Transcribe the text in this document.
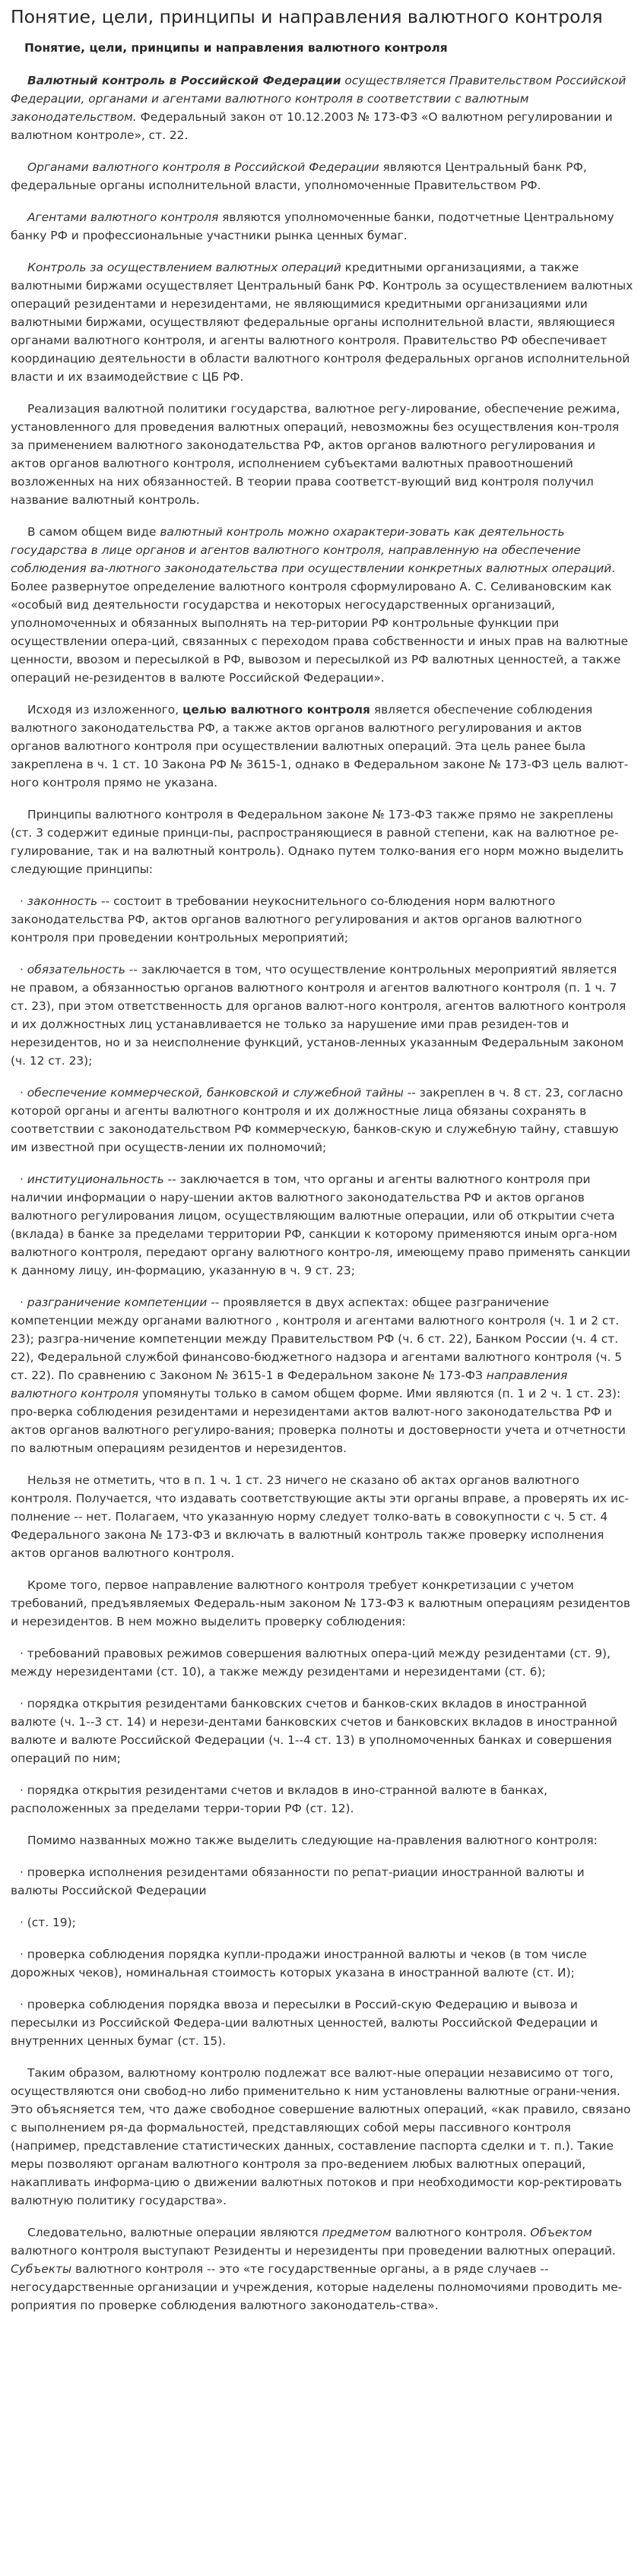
Понятие, цели, принципы и направления валютного контроля
Понятие, цели, принципы и направления валютного контроля

Валютный контроль в Российской Федерации осуществляется Правительством Российской Федерации, органами и агентами валютного контроля в соответствии с валютным законодательством. Федеральный закон от 10.12.2003 № 173-ФЗ «О валютном регулировании и валютном контроле», ст. 22.

Органами валютного контроля в Российской Федерации являются Центральный банк РФ, федеральные органы исполнительной власти, уполномоченные Правительством РФ.

Агентами валютного контроля являются уполномоченные банки, подотчетные Центральному банку РФ и профессиональные участники рынка ценных бумаг.

Контроль за осуществлением валютных операций кредитными организациями, а также валютными биржами осуществляет Центральный банк РФ. Контроль за осуществлением валютных операций резидентами и нерезидентами, не являющимися кредитными организациями или валютными биржами, осуществляют федеральные органы исполнительной власти, являющиеся органами валютного контроля, и агенты валютного контроля. Правительство РФ обеспечивает координацию деятельности в области валютного контроля федеральных органов исполнительной власти и их взаимодействие с ЦБ РФ.

Реализация валютной политики государства, валютное регу-лирование, обеспечение режима, установленного для проведения валютных операций, невозможны без осуществления кон-троля за применением валютного законодательства РФ, актов органов валютного регулирования и актов органов валютного контроля, исполнением субъектами валютных правоотношений возложенных на них обязанностей. В теории права соответст-вующий вид контроля получил название валютный контроль.

В самом общем виде валютный контроль можно охарактери-зовать как деятельность государства в лице органов и агентов валютного контроля, направленную на обеспечение соблюдения ва-лютного законодательства при осуществлении конкретных валютных операций. Более развернутое определение валютного контроля сформулировано А. С. Селивановским как «особый вид деятельности государства и некоторых негосударственных организаций, уполномоченных и обязанных выполнять на тер-ритории РФ контрольные функции при осуществлении опера-ций, связанных с переходом права собственности и иных прав на валютные ценности, ввозом и пересылкой в РФ, вывозом и пересылкой из РФ валютных ценностей, а также операций не-резидентов в валюте Российской Федерации».

Исходя из изложенного, целью валютного контроля является обеспечение соблюдения валютного законодательства РФ, а также актов органов валютного регулирования и актов органов валютного контроля при осуществлении валютных операций. Эта цель ранее была закреплена в ч. 1 ст. 10 Закона РФ № 3615-1, однако в Федеральном законе № 173-ФЗ цель валют-ного контроля прямо не указана.

Принципы валютного контроля в Федеральном законе № 173-ФЗ также прямо не закреплены (ст. 3 содержит единые принци-пы, распространяющиеся в равной степени, как на валютное ре-гулирование, так и на валютный контроль). Однако путем толко-вания его норм можно выделить следующие принципы:

· законность -- состоит в требовании неукоснительного со-блюдения норм валютного законодательства РФ, актов органов валютного регулирования и актов органов валютного контроля при проведении контрольных мероприятий;

· обязательность -- заключается в том, что осуществление контрольных мероприятий является не правом, а обязанностью органов валютного контроля и агентов валютного контроля (п. 1 ч. 7 ст. 23), при этом ответственность для органов валют-ного контроля, агентов валютного контроля и их должностных лиц устанавливается не только за нарушение ими прав резиден-тов и нерезидентов, но и за неисполнение функций, установ-ленных указанным Федеральным законом (ч. 12 ст. 23);

· обеспечение коммерческой, банковской и служебной тайны -- закреплен в ч. 8 ст. 23, согласно которой органы и агенты валютного контроля и их должностные лица обязаны сохранять в соответствии с законодательством РФ коммерческую, банков-скую и служебную тайну, ставшую им известной при осуществ-лении их полномочий;

· институциональность -- заключается в том, что органы и агенты валютного контроля при наличии информации о нару-шении актов валютного законодательства РФ и актов органов валютного регулирования лицом, осуществляющим валютные операции, или об открытии счета (вклада) в банке за пределами территории РФ, санкции к которому применяются иным орга-ном валютного контроля, передают органу валютного контро-ля, имеющему право применять санкции к данному лицу, ин-формацию, указанную в ч. 9 ст. 23;

· разграничение компетенции -- проявляется в двух аспектах: общее разграничение компетенции между органами валютного , контроля и агентами валютного контроля (ч. 1 и 2 ст. 23); разгра-ничение компетенции между Правительством РФ (ч. 6 ст. 22), Банком России (ч. 4 ст. 22), Федеральной службой финансово-бюджетного надзора и агентами валютного контроля (ч. 5 ст. 22). По сравнению с Законом № 3615-1 в Федеральном законе № 173-ФЗ направления валютного контроля упомянуты только в самом общем форме. Ими являются (п. 1 и 2 ч. 1 ст. 23): про-верка соблюдения резидентами и нерезидентами актов валют-ного законодательства РФ и актов органов валютного регулиро-вания; проверка полноты и достоверности учета и отчетности по валютным операциям резидентов и нерезидентов.

Нельзя не отметить, что в п. 1 ч. 1 ст. 23 ничего не сказано об актах органов валютного контроля. Получается, что издавать соответствующие акты эти органы вправе, а проверять их ис-полнение -- нет. Полагаем, что указанную норму следует толко-вать в совокупности с ч. 5 ст. 4 Федерального закона № 173-ФЗ и включать в валютный контроль также проверку исполнения актов органов валютного контроля.

Кроме того, первое направление валютного контроля требует конкретизации с учетом требований, предъявляемых Федераль-ным законом № 173-ФЗ к валютным операциям резидентов и нерезидентов. В нем можно выделить проверку соблюдения:

· требований правовых режимов совершения валютных опера-ций между резидентами (ст. 9), между нерезидентами (ст. 10), а также между резидентами и нерезидентами (ст. 6);

· порядка открытия резидентами банковских счетов и банков-ских вкладов в иностранной валюте (ч. 1--3 ст. 14) и нерези-дентами банковских счетов и банковских вкладов в иностранной валюте и валюте Российской Федерации (ч. 1--4 ст. 13) в уполномоченных банках и совершения операций по ним;

· порядка открытия резидентами счетов и вкладов в ино-странной валюте в банках, расположенных за пределами терри-тории РФ (ст. 12).

Помимо названных можно также выделить следующие на-правления валютного контроля:

· проверка исполнения резидентами обязанности по репат-риации иностранной валюты и валюты Российской Федерации

· (ст. 19);

· проверка соблюдения порядка купли-продажи иностранной валюты и чеков (в том числе дорожных чеков), номинальная стоимость которых указана в иностранной валюте (ст. И);

· проверка соблюдения порядка ввоза и пересылки в Россий-скую Федерацию и вывоза и пересылки из Российской Федера-ции валютных ценностей, валюты Российской Федерации и внутренних ценных бумаг (ст. 15).

Таким образом, валютному контролю подлежат все валют-ные операции независимо от того, осуществляются они свобод-но либо применительно к ним установлены валютные ограни-чения. Это объясняется тем, что даже свободное совершение валютных операций, «как правило, связано с выполнением ря-да формальностей, представляющих собой меры пассивного контроля (например, представление статистических данных, составление паспорта сделки и т. п.). Такие меры позволяют органам валютного контроля за про-ведением любых валютных операций, накапливать информа-цию о движении валютных потоков и при необходимости кор-ректировать валютную политику государства».

Следовательно, валютные операции являются предметом валютного контроля. Объектом валютного контроля выступают Резиденты и нерезиденты при проведении валютных операций. Субъекты валютного контроля -- это «те государственные органы, а в ряде случаев -- негосударственные организации и учреждения, которые наделены полномочиями проводить ме-роприятия по проверке соблюдения валютного законодатель-ства».
